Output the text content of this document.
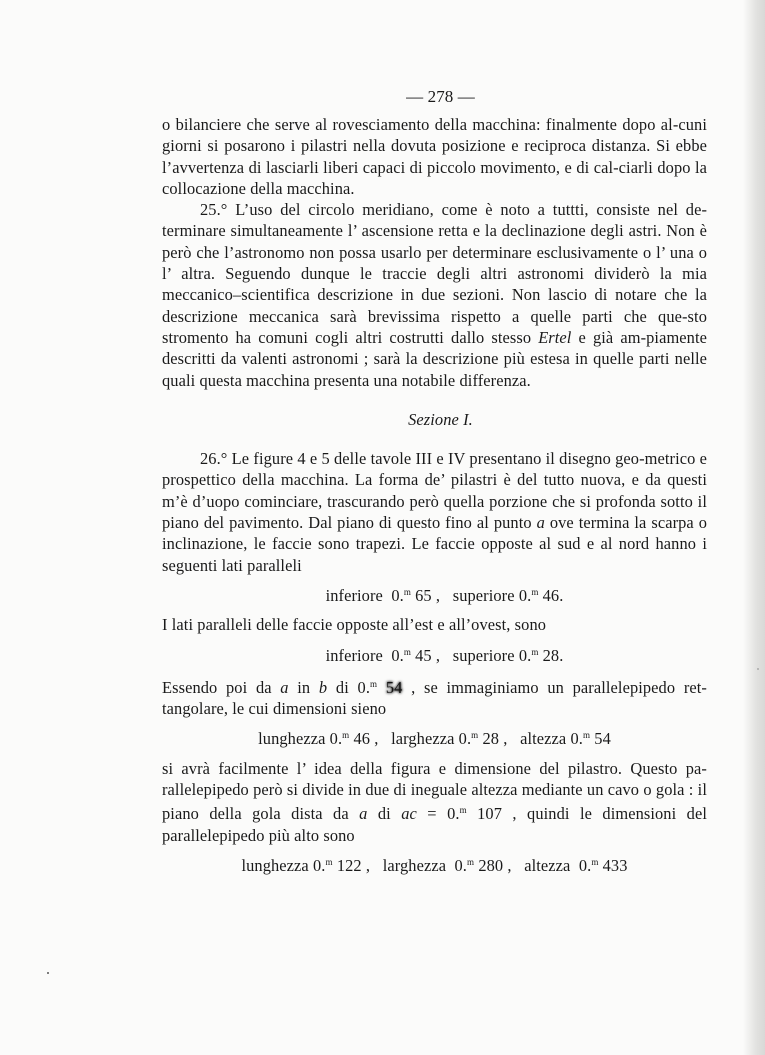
— 278 —

o bilanciere che serve al rovesciamento della macchina: finalmente dopo al-cuni giorni si posarono i pilastri nella dovuta posizione e reciproca distanza. Si ebbe l’avvertenza di lasciarli liberi capaci di piccolo movimento, e di cal-ciarli dopo la collocazione della macchina.

25.° L’uso del circolo meridiano, come è noto a tuttti, consiste nel de-terminare simultaneamente l’ ascensione retta e la declinazione degli astri. Non è però che l’astronomo non possa usarlo per determinare esclusivamente o l’ una o l’ altra. Seguendo dunque le traccie degli altri astronomi dividerò la mia meccanico–scientifica descrizione in due sezioni. Non lascio di notare che la descrizione meccanica sarà brevissima rispetto a quelle parti che que-sto stromento ha comuni cogli altri costrutti dallo stesso Ertel e già am-piamente descritti da valenti astronomi ; sarà la descrizione più estesa in quelle parti nelle quali questa macchina presenta una notabile differenza.

Sezione I.

26.° Le figure 4 e 5 delle tavole III e IV presentano il disegno geo-metrico e prospettico della macchina. La forma de’ pilastri è del tutto nuova, e da questi m’è d’uopo cominciare, trascurando però quella porzione che si profonda sotto il piano del pavimento. Dal piano di questo fino al punto a ove termina la scarpa o inclinazione, le faccie sono trapezi. Le faccie opposte al sud e al nord hanno i seguenti lati paralleli

inferiore 0.$^m$ 65 ,   superiore 0.$^m$ 46.

I lati paralleli delle faccie opposte all’est e all’ovest, sono

inferiore 0.$^m$ 45 ,   superiore 0.$^m$ 28.

Essendo poi da a in b di 0.$^m$ 54 , se immaginiamo un parallelepipedo ret-tangolare, le cui dimensioni sieno

lunghezza 0.$^m$ 46 ,   larghezza 0.$^m$ 28 ,   altezza 0.$^m$ 54

si avrà facilmente l’ idea della figura e dimensione del pilastro. Questo pa-rallelepipedo però si divide in due di ineguale altezza mediante un cavo o gola : il piano della gola dista da a di ac = 0.$^m$ 107 , quindi le dimensioni del parallelepipedo più alto sono

lunghezza 0.$^m$ 122 ,   larghezza 0.$^m$ 280 ,   altezza 0.$^m$ 433
